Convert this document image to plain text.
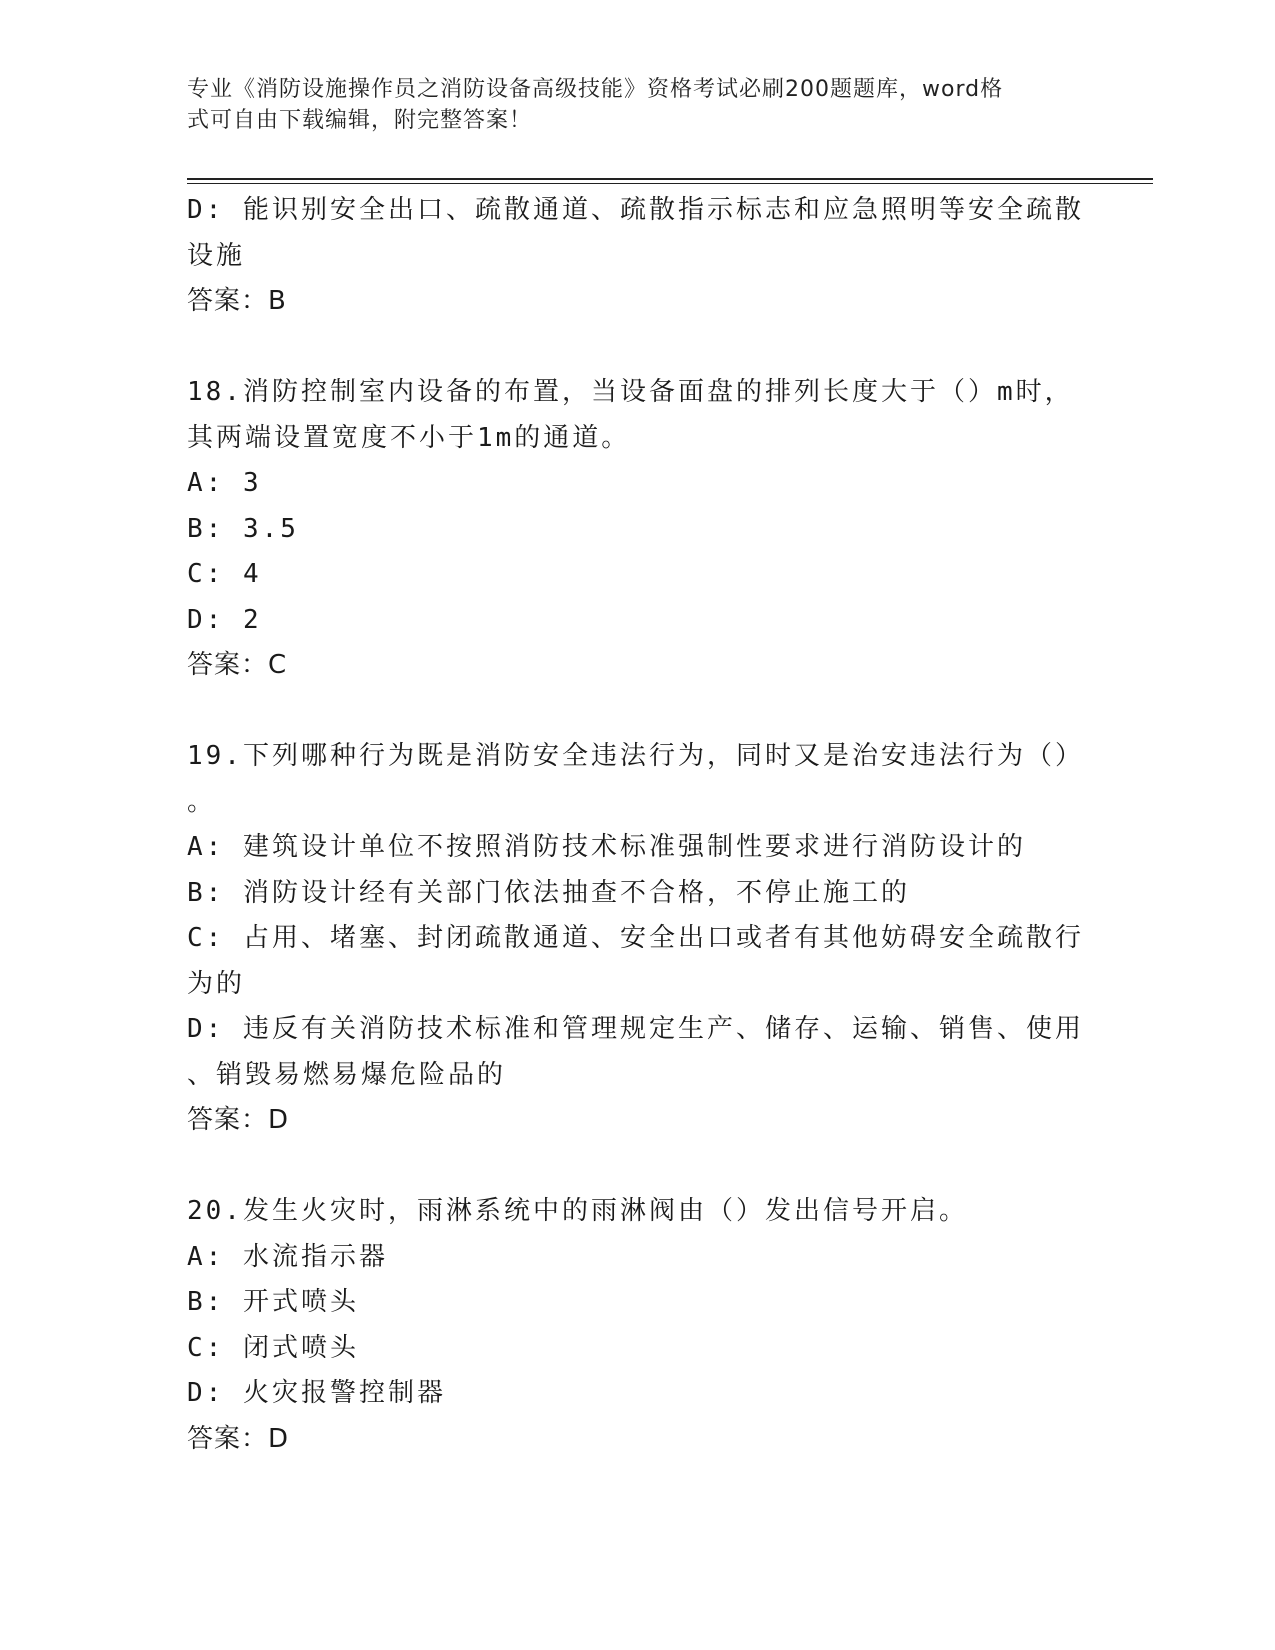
专业《消防设施操作员之消防设备高级技能》资格考试必刷200题题库，word格
式可自由下载编辑，附完整答案！
D: 能识别安全出口、疏散通道、疏散指示标志和应急照明等安全疏散
设施
答案：B
18.消防控制室内设备的布置，当设备面盘的排列长度大于（）m时，
其两端设置宽度不小于1m的通道。
A: 3
B: 3.5
C: 4
D: 2
答案：C
19.下列哪种行为既是消防安全违法行为，同时又是治安违法行为（）
。
A: 建筑设计单位不按照消防技术标准强制性要求进行消防设计的
B: 消防设计经有关部门依法抽查不合格，不停止施工的
C: 占用、堵塞、封闭疏散通道、安全出口或者有其他妨碍安全疏散行
为的
D: 违反有关消防技术标准和管理规定生产、储存、运输、销售、使用
、销毁易燃易爆危险品的
答案：D
20.发生火灾时，雨淋系统中的雨淋阀由（）发出信号开启。
A: 水流指示器
B: 开式喷头
C: 闭式喷头
D: 火灾报警控制器
答案：D
